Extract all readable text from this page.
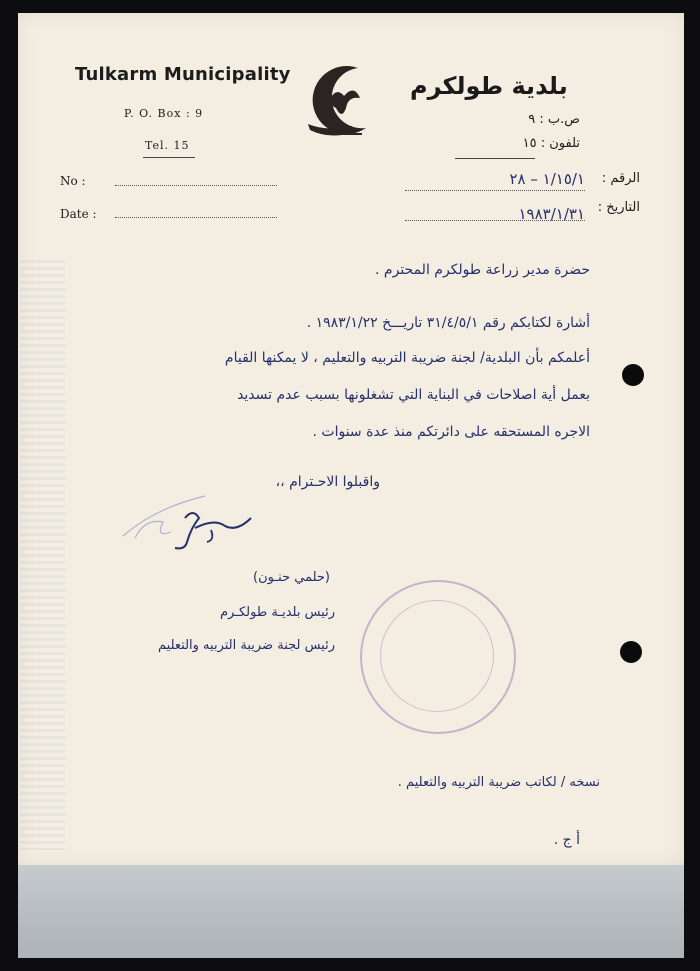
Tulkarm Municipality
P. O. Box : 9
Tel. 15
بلدية طولكرم
ص.ب : ٩
تلفون : ١٥
No :
Date :
الرقم :
١/١٥/١ – ٢٨
التاريخ :
١٩٨٣/١/٣١
حضرة مدير زراعة طولكرم المحترم .
أشارة لكتابكم رقم ٣١/٤/٥/١ تاريـــخ ١٩٨٣/١/٢٢ .
أعلمكم بأن البلدية/ لجنة ضريبة التربيه والتعليم ، لا يمكنها القيام
بعمل أية اصلاحات في البناية التي تشغلونها بسبب عدم تسديد
الاجره المستحقه على دائرتكم منذ عدة سنوات .
واقبلوا الاحـترام ،،
(حلمي حنـون)
رئيس بلديـة طولكـرم
رئيس لجنة ضريبة التربيه والتعليم
نسخه / لكاتب ضريبة التربيه والتعليم .
أ ج .
